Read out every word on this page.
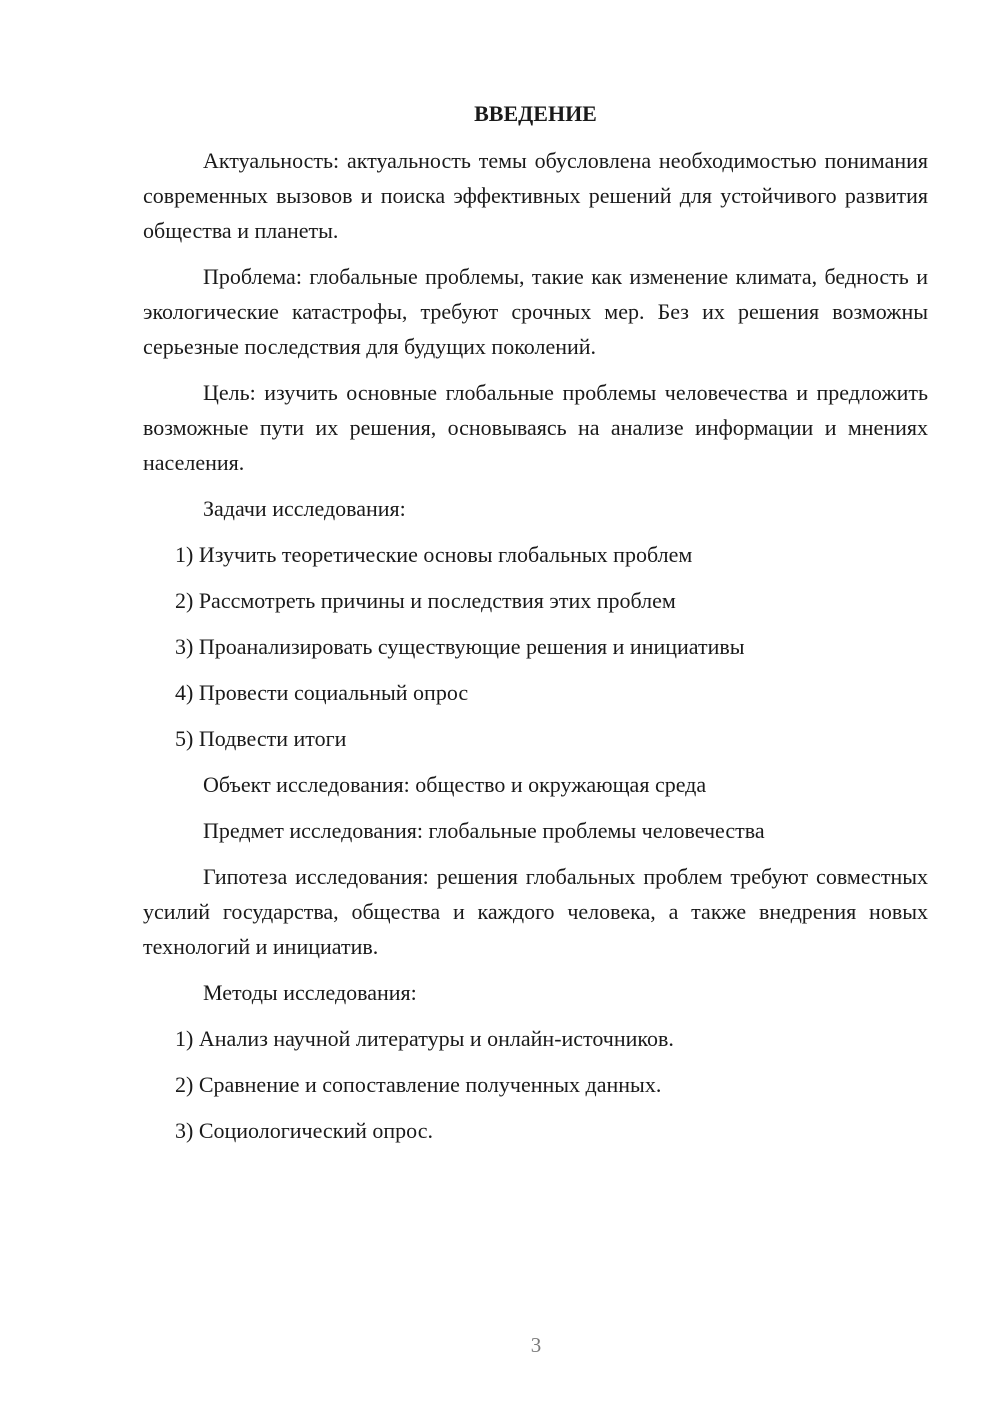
ВВЕДЕНИЕ
Актуальность: актуальность темы обусловлена необходимостью понимания современных вызовов и поиска эффективных решений для устойчивого развития общества и планеты.
Проблема: глобальные проблемы, такие как изменение климата, бедность и экологические катастрофы, требуют срочных мер. Без их решения возможны серьезные последствия для будущих поколений.
Цель: изучить основные глобальные проблемы человечества и предложить возможные пути их решения, основываясь на анализе информации и мнениях населения.
Задачи исследования:
1) Изучить теоретические основы глобальных проблем
2) Рассмотреть причины и последствия этих проблем
3) Проанализировать существующие решения и инициативы
4) Провести социальный опрос
5) Подвести итоги
Объект исследования: общество и окружающая среда
Предмет исследования: глобальные проблемы человечества
Гипотеза исследования: решения глобальных проблем требуют совместных усилий государства, общества и каждого человека, а также внедрения новых технологий и инициатив.
Методы исследования:
1) Анализ научной литературы и онлайн-источников.
2) Сравнение и сопоставление полученных данных.
3) Социологический опрос.
3
